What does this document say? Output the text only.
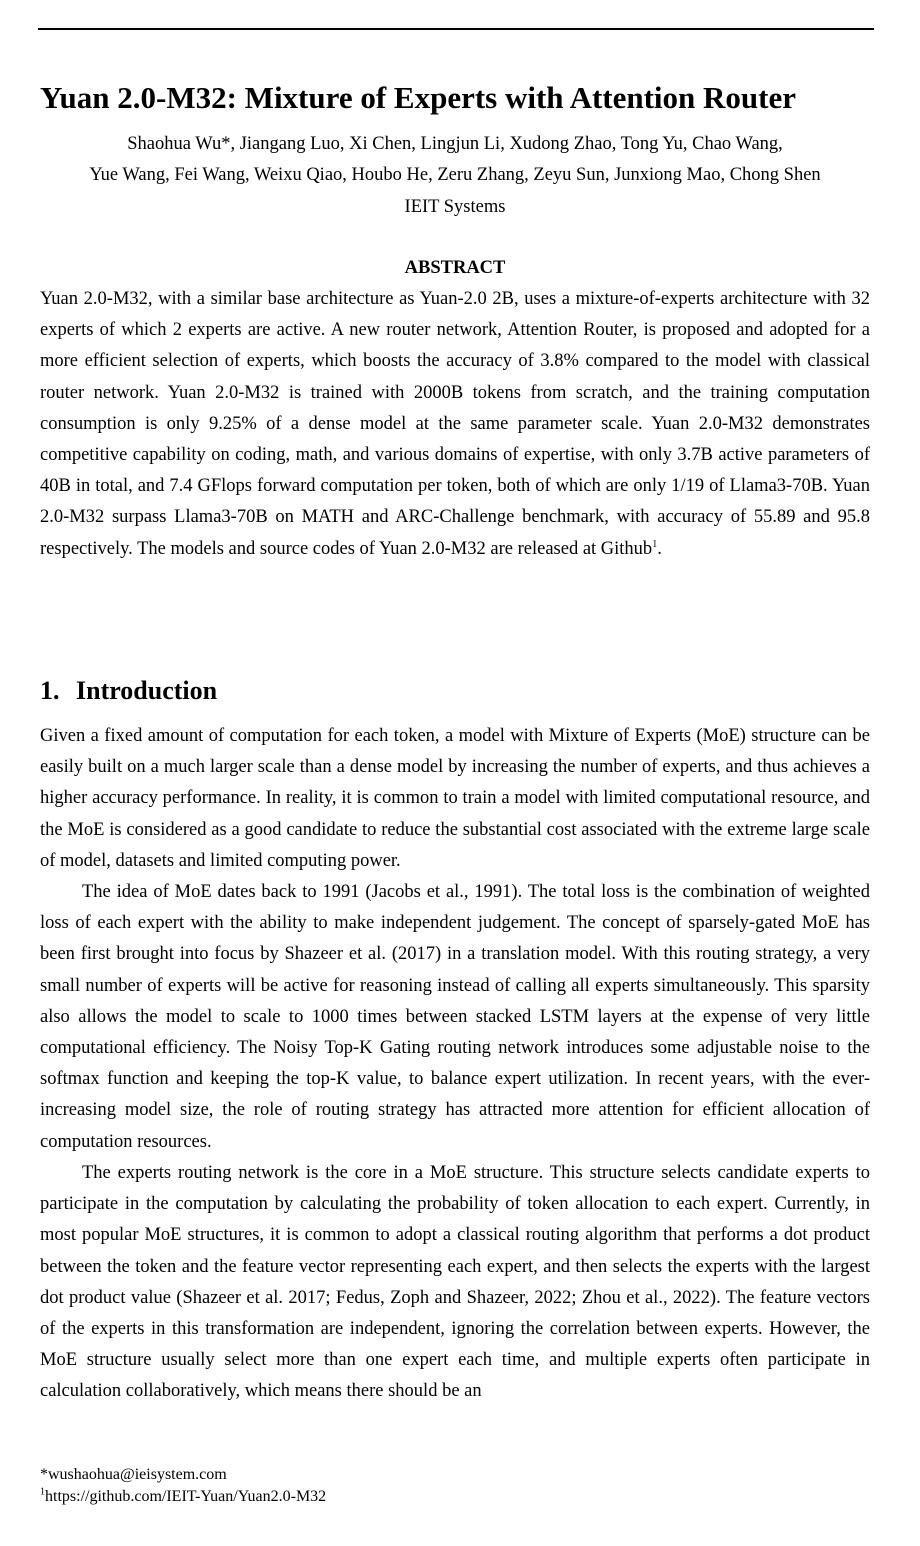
Yuan 2.0-M32: Mixture of Experts with Attention Router
Shaohua Wu*, Jiangang Luo, Xi Chen, Lingjun Li, Xudong Zhao, Tong Yu, Chao Wang,
Yue Wang, Fei Wang, Weixu Qiao, Houbo He, Zeru Zhang, Zeyu Sun, Junxiong Mao, Chong Shen
IEIT Systems
ABSTRACT

Yuan 2.0-M32, with a similar base architecture as Yuan-2.0 2B, uses a mixture-of-experts architecture with 32 experts of which 2 experts are active. A new router network, Attention Router, is proposed and adopted for a more efficient selection of experts, which boosts the accuracy of 3.8% compared to the model with classical router network. Yuan 2.0-M32 is trained with 2000B tokens from scratch, and the training computation consumption is only 9.25% of a dense model at the same parameter scale. Yuan 2.0-M32 demonstrates competitive capability on coding, math, and various domains of expertise, with only 3.7B active parameters of 40B in total, and 7.4 GFlops forward computation per token, both of which are only 1/19 of Llama3-70B. Yuan 2.0-M32 surpass Llama3-70B on MATH and ARC-Challenge benchmark, with accuracy of 55.89 and 95.8 respectively. The models and source codes of Yuan 2.0-M32 are released at Github$^1$.

1. Introduction

Given a fixed amount of computation for each token, a model with Mixture of Experts (MoE) structure can be easily built on a much larger scale than a dense model by increasing the number of experts, and thus achieves a higher accuracy performance. In reality, it is common to train a model with limited computational resource, and the MoE is considered as a good candidate to reduce the substantial cost associated with the extreme large scale of model, datasets and limited computing power.

The idea of MoE dates back to 1991 (Jacobs et al., 1991). The total loss is the combination of weighted loss of each expert with the ability to make independent judgement. The concept of sparsely-gated MoE has been first brought into focus by Shazeer et al. (2017) in a translation model. With this routing strategy, a very small number of experts will be active for reasoning instead of calling all experts simultaneously. This sparsity also allows the model to scale to 1000 times between stacked LSTM layers at the expense of very little computational efficiency. The Noisy Top-K Gating routing network introduces some adjustable noise to the softmax function and keeping the top-K value, to balance expert utilization. In recent years, with the ever-increasing model size, the role of routing strategy has attracted more attention for efficient allocation of computation resources.

The experts routing network is the core in a MoE structure. This structure selects candidate experts to participate in the computation by calculating the probability of token allocation to each expert. Currently, in most popular MoE structures, it is common to adopt a classical routing algorithm that performs a dot product between the token and the feature vector representing each expert, and then selects the experts with the largest dot product value (Shazeer et al. 2017; Fedus, Zoph and Shazeer, 2022; Zhou et al., 2022). The feature vectors of the experts in this transformation are independent, ignoring the correlation between experts. However, the MoE structure usually select more than one expert each time, and multiple experts often participate in calculation collaboratively, which means there should be an

*wushaohua@ieisystem.com
$^1$https://github.com/IEIT-Yuan/Yuan2.0-M32
